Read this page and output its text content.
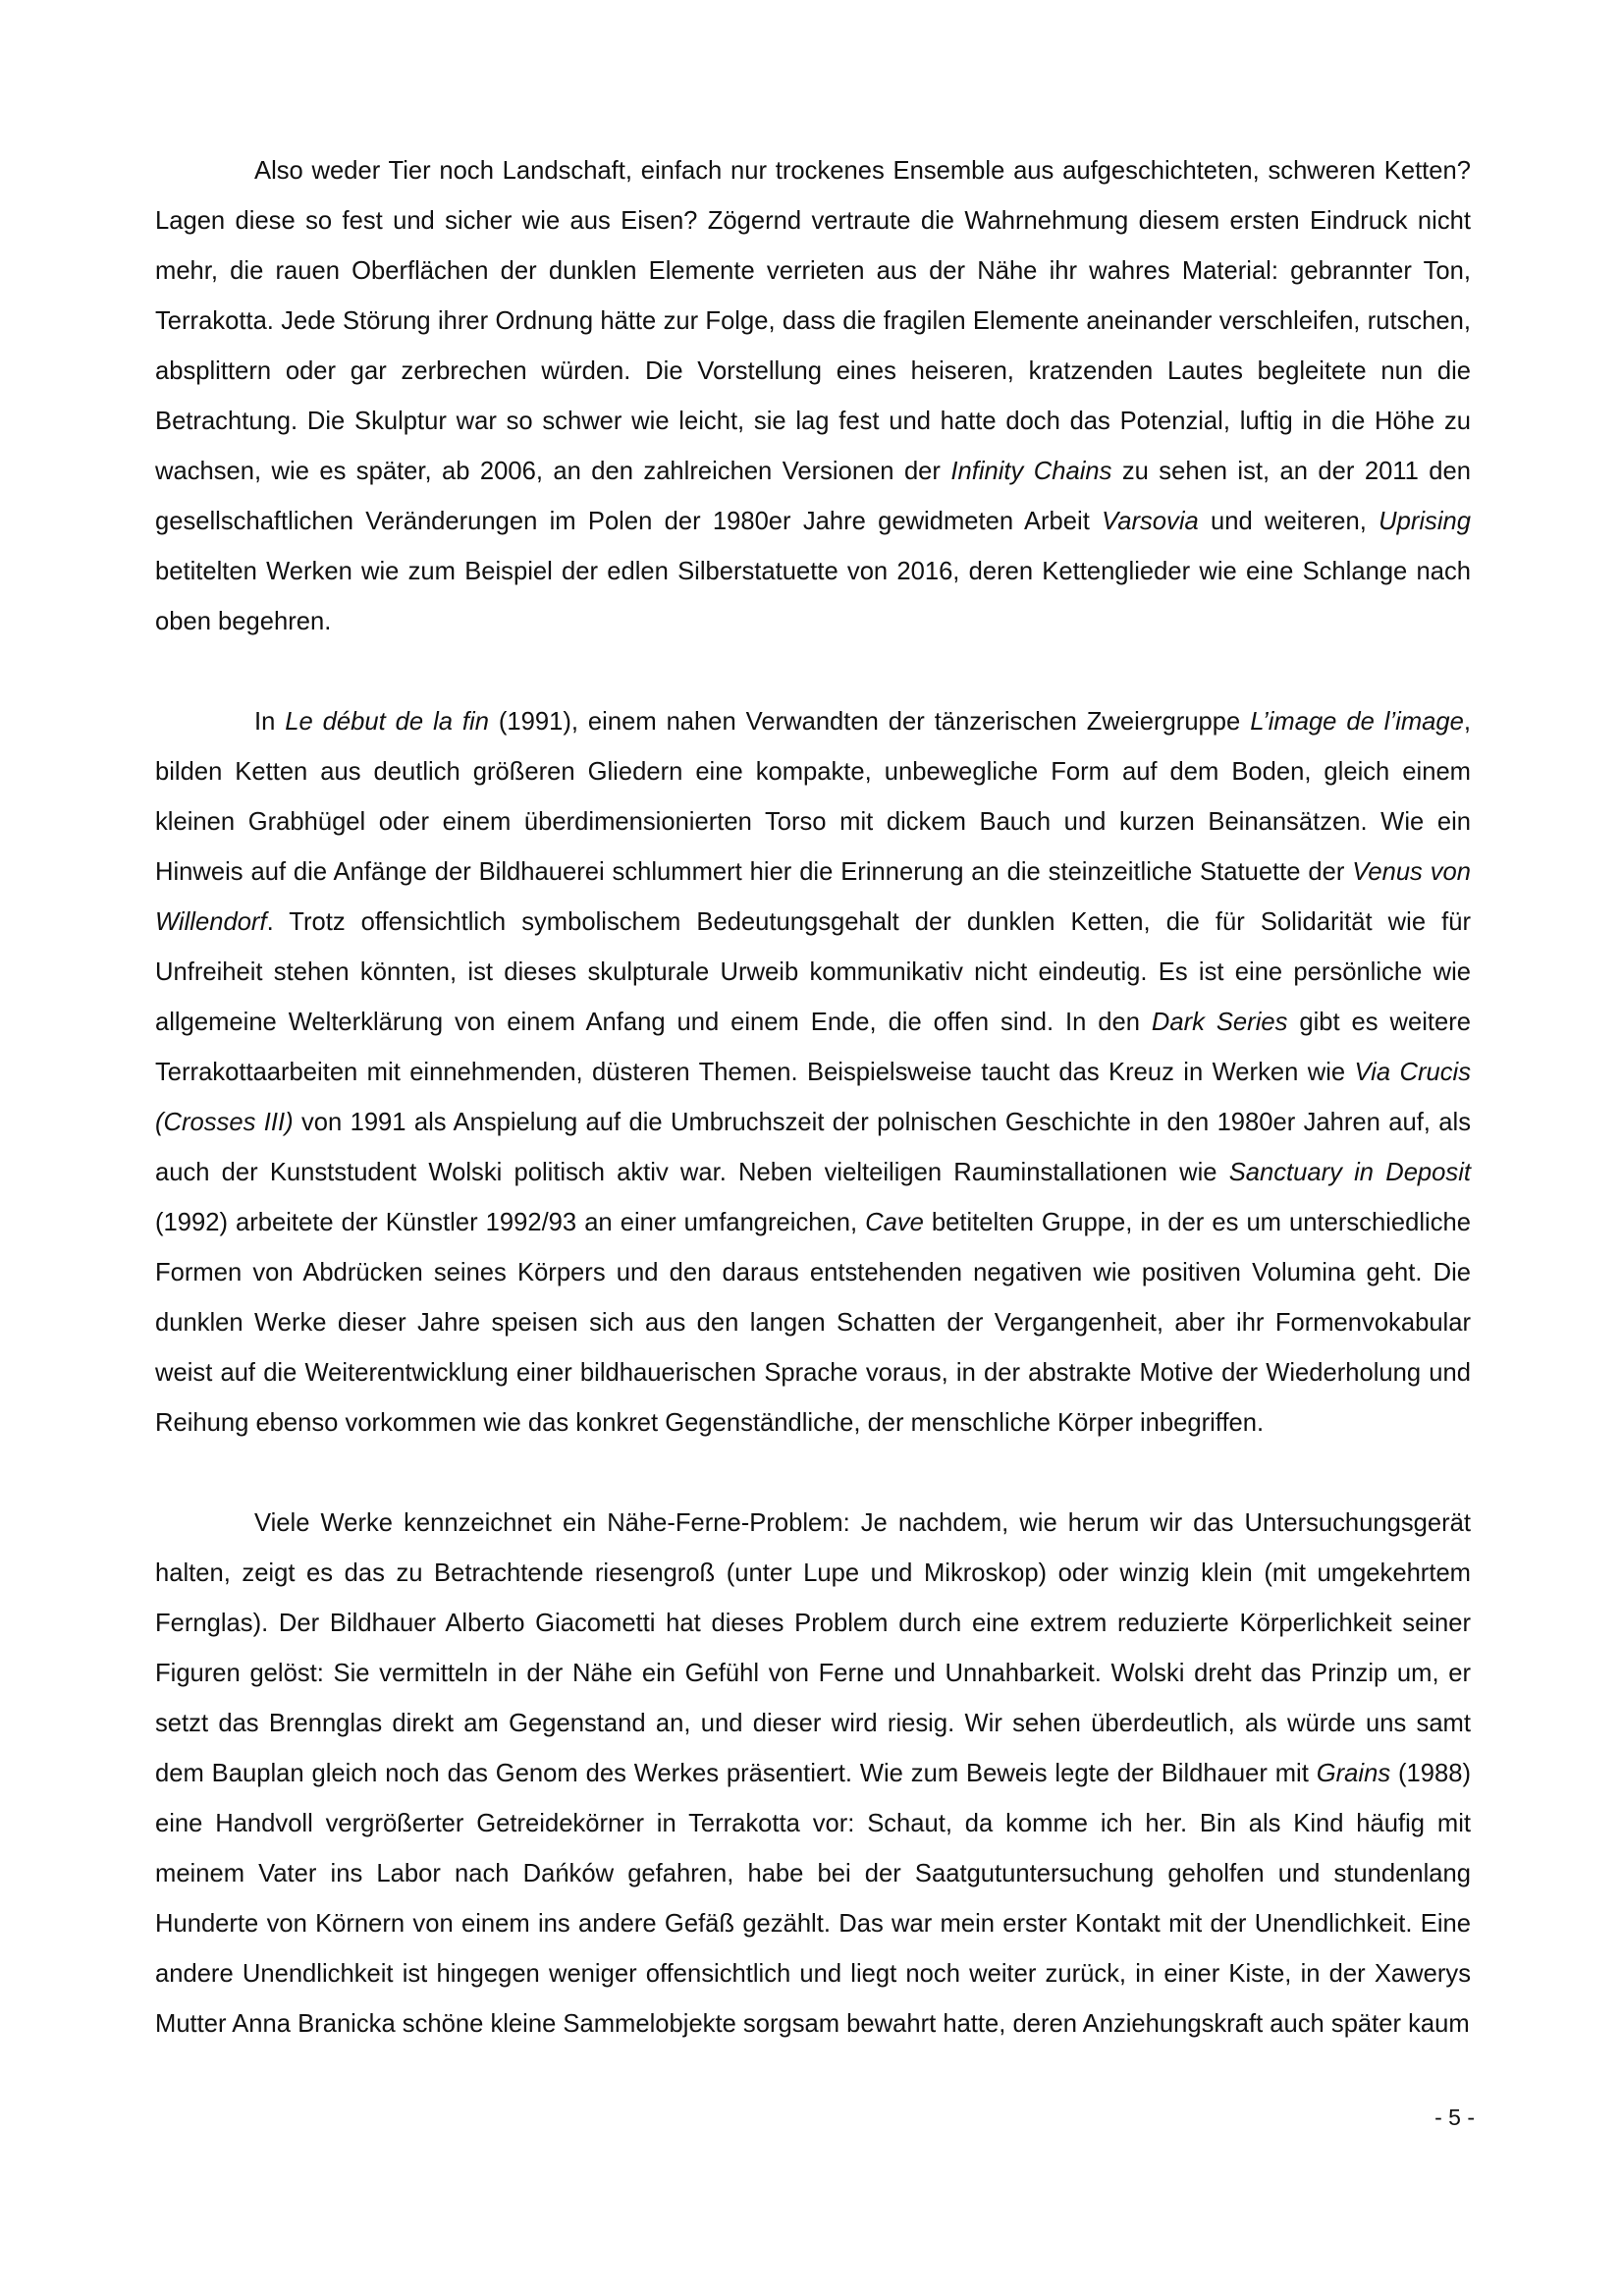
Also weder Tier noch Landschaft, einfach nur trockenes Ensemble aus aufgeschichteten, schweren Ketten? Lagen diese so fest und sicher wie aus Eisen? Zögernd vertraute die Wahrnehmung diesem ersten Eindruck nicht mehr, die rauen Oberflächen der dunklen Elemente verrieten aus der Nähe ihr wahres Material: gebrannter Ton, Terrakotta. Jede Störung ihrer Ordnung hätte zur Folge, dass die fragilen Elemente aneinander verschleifen, rutschen, absplittern oder gar zerbrechen würden. Die Vorstellung eines heiseren, kratzenden Lautes begleitete nun die Betrachtung. Die Skulptur war so schwer wie leicht, sie lag fest und hatte doch das Potenzial, luftig in die Höhe zu wachsen, wie es später, ab 2006, an den zahlreichen Versionen der Infinity Chains zu sehen ist, an der 2011 den gesellschaftlichen Veränderungen im Polen der 1980er Jahre gewidmeten Arbeit Varsovia und weiteren, Uprising betitelten Werken wie zum Beispiel der edlen Silberstatuette von 2016, deren Kettenglieder wie eine Schlange nach oben begehren.

In Le début de la fin (1991), einem nahen Verwandten der tänzerischen Zweiergruppe L’image de l’image, bilden Ketten aus deutlich größeren Gliedern eine kompakte, unbewegliche Form auf dem Boden, gleich einem kleinen Grabhügel oder einem überdimensionierten Torso mit dickem Bauch und kurzen Beinansätzen. Wie ein Hinweis auf die Anfänge der Bildhauerei schlummert hier die Erinnerung an die steinzeitliche Statuette der Venus von Willendorf. Trotz offensichtlich symbolischem Bedeutungsgehalt der dunklen Ketten, die für Solidarität wie für Unfreiheit stehen könnten, ist dieses skulpturale Urweib kommunikativ nicht eindeutig. Es ist eine persönliche wie allgemeine Welterklärung von einem Anfang und einem Ende, die offen sind. In den Dark Series gibt es weitere Terrakottaarbeiten mit einnehmenden, düsteren Themen. Beispielsweise taucht das Kreuz in Werken wie Via Crucis (Crosses III) von 1991 als Anspielung auf die Umbruchszeit der polnischen Geschichte in den 1980er Jahren auf, als auch der Kunststudent Wolski politisch aktiv war. Neben vielteiligen Rauminstallationen wie Sanctuary in Deposit (1992) arbeitete der Künstler 1992/93 an einer umfangreichen, Cave betitelten Gruppe, in der es um unterschiedliche Formen von Abdrücken seines Körpers und den daraus entstehenden negativen wie positiven Volumina geht. Die dunklen Werke dieser Jahre speisen sich aus den langen Schatten der Vergangenheit, aber ihr Formenvokabular weist auf die Weiterentwicklung einer bildhauerischen Sprache voraus, in der abstrakte Motive der Wiederholung und Reihung ebenso vorkommen wie das konkret Gegenständliche, der menschliche Körper inbegriffen.

Viele Werke kennzeichnet ein Nähe-Ferne-Problem: Je nachdem, wie herum wir das Untersuchungsgerät halten, zeigt es das zu Betrachtende riesengroß (unter Lupe und Mikroskop) oder winzig klein (mit umgekehrtem Fernglas). Der Bildhauer Alberto Giacometti hat dieses Problem durch eine extrem reduzierte Körperlichkeit seiner Figuren gelöst: Sie vermitteln in der Nähe ein Gefühl von Ferne und Unnahbarkeit. Wolski dreht das Prinzip um, er setzt das Brennglas direkt am Gegenstand an, und dieser wird riesig. Wir sehen überdeutlich, als würde uns samt dem Bauplan gleich noch das Genom des Werkes präsentiert. Wie zum Beweis legte der Bildhauer mit Grains (1988) eine Handvoll vergrößerter Getreidekörner in Terrakotta vor: Schaut, da komme ich her. Bin als Kind häufig mit meinem Vater ins Labor nach Dańków gefahren, habe bei der Saatgutuntersuchung geholfen und stundenlang Hunderte von Körnern von einem ins andere Gefäß gezählt. Das war mein erster Kontakt mit der Unendlichkeit. Eine andere Unendlichkeit ist hingegen weniger offensichtlich und liegt noch weiter zurück, in einer Kiste, in der Xawerys Mutter Anna Branicka schöne kleine Sammelobjekte sorgsam bewahrt hatte, deren Anziehungskraft auch später kaum

- 5 -
